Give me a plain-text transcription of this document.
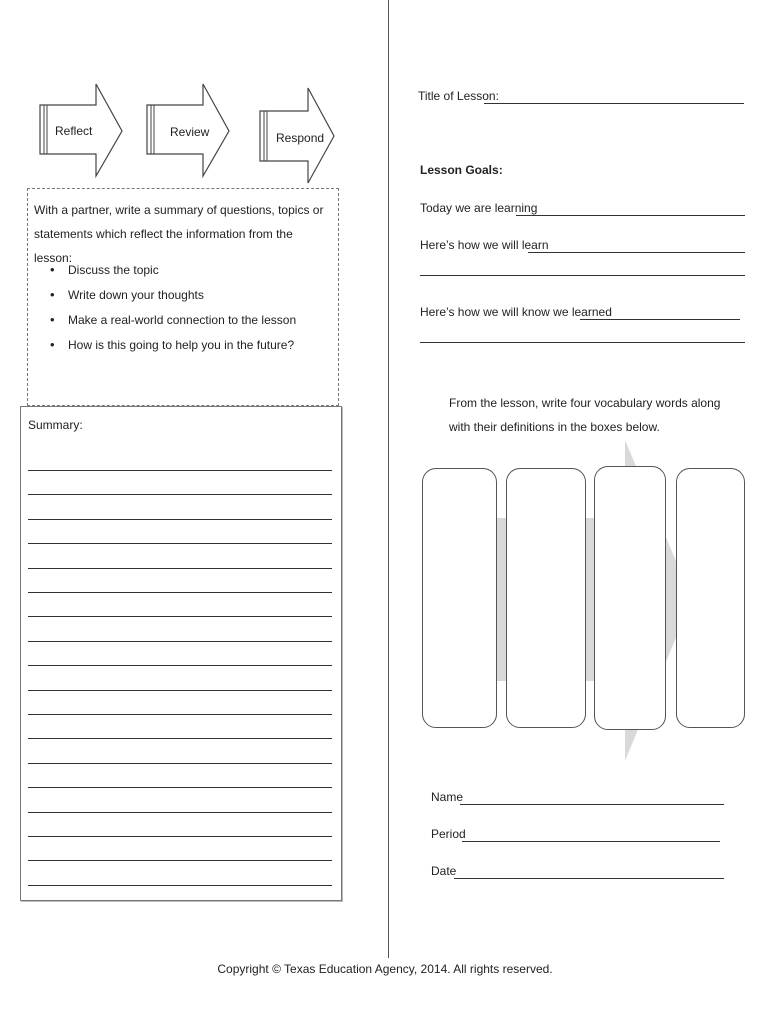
Reflect	Review	Respond
With a partner, write a summary of questions, topics or statements which reflect the information from the lesson:
• Discuss the topic
• Write down your thoughts
• Make a real-world connection to the lesson
• How is this going to help you in the future?
Summary:
Title of Lesson:
Lesson Goals:
Today we are learning
Here’s how we will learn
Here’s how we will know we learned
From the lesson, write four vocabulary words along
with their definitions in the boxes below.
Name
Period
Date
Copyright © Texas Education Agency, 2014. All rights reserved.
